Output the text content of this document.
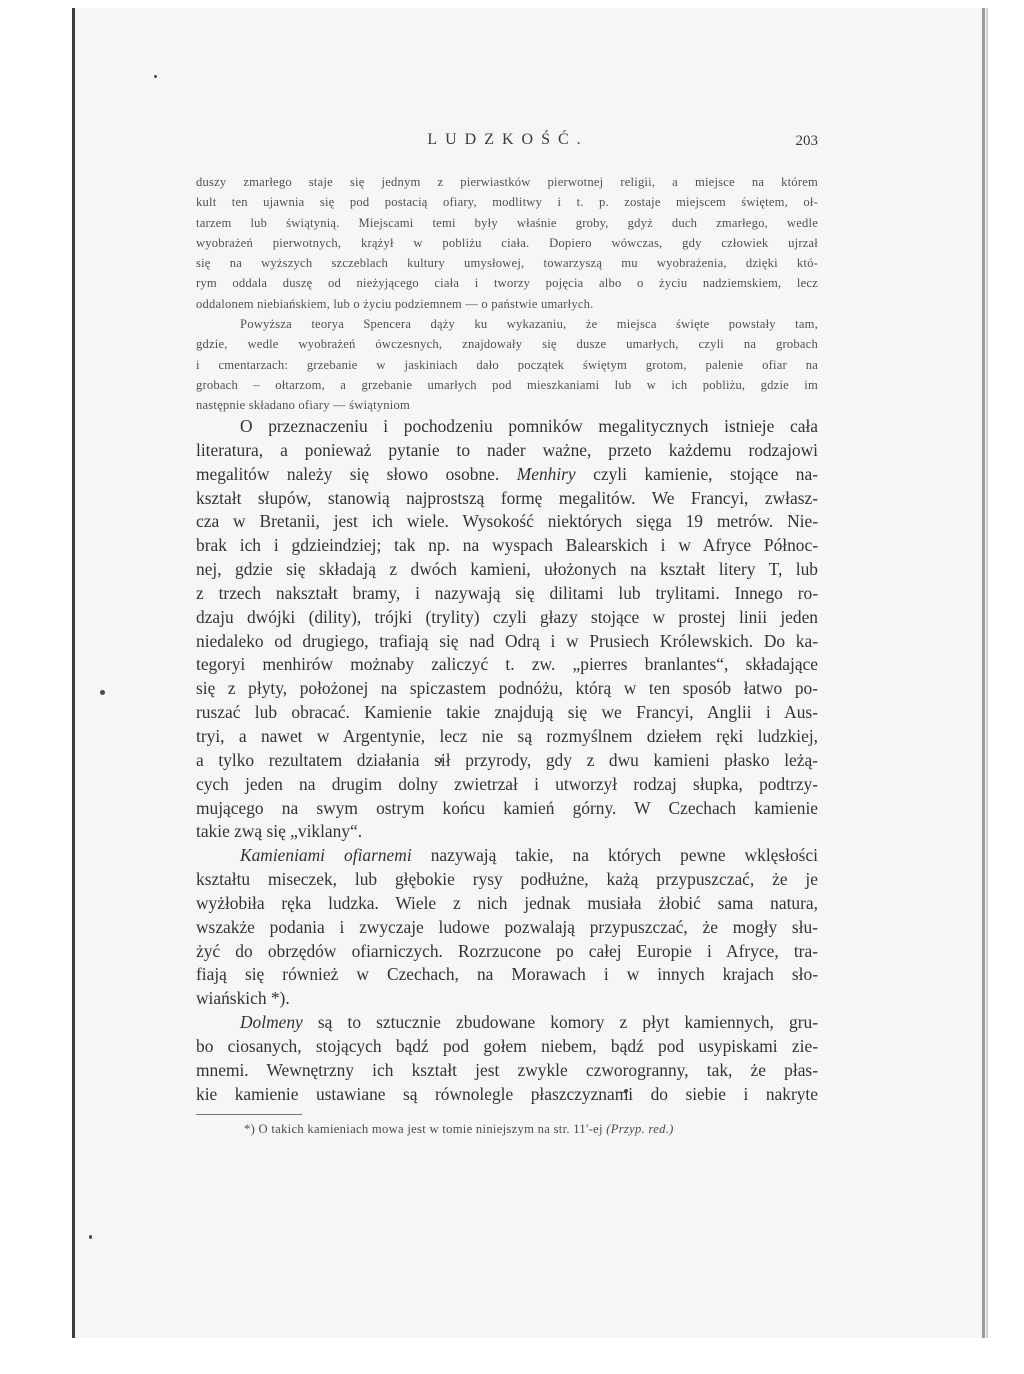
LUDZKOŚĆ.	203
duszy zmarłego staje się jednym z pierwiastków pierwotnej religii, a miejsce na którem
kult ten ujawnia się pod postacią ofiary, modlitwy i t. p. zostaje miejscem świętem, oł-
tarzem lub świątynią. Miejscami temi były właśnie groby, gdyż duch zmarłego, wedle
wyobrażeń pierwotnych, krążył w pobliżu ciała. Dopiero wówczas, gdy człowiek ujrzał
się na wyższych szczeblach kultury umysłowej, towarzyszą mu wyobrażenia, dzięki któ-
rym oddala duszę od nieżyjącego ciała i tworzy pojęcia albo o życiu nadziemskiem, lecz
oddalonem niebiańskiem, lub o życiu podziemnem — o państwie umarłych.
Powyższa teorya Spencera dąży ku wykazaniu, że miejsca święte powstały tam,
gdzie, wedle wyobrażeń ówczesnych, znajdowały się dusze umarłych, czyli na grobach
i cmentarzach: grzebanie w jaskiniach dało początek świętym grotom, palenie ofiar na
grobach – ołtarzom, a grzebanie umarłych pod mieszkaniami lub w ich pobliżu, gdzie im
następnie składano ofiary — świątyniom
O przeznaczeniu i pochodzeniu pomników megalitycznych istnieje cała
literatura, a ponieważ pytanie to nader ważne, przeto każdemu rodzajowi
megalitów należy się słowo osobne. Menhiry czyli kamienie, stojące na-
kształt słupów, stanowią najprostszą formę megalitów. We Francyi, zwłasz-
cza w Bretanii, jest ich wiele. Wysokość niektórych sięga 19 metrów. Nie-
brak ich i gdzieindziej; tak np. na wyspach Balearskich i w Afryce Północ-
nej, gdzie się składają z dwóch kamieni, ułożonych na kształt litery T, lub
z trzech nakształt bramy, i nazywają się dilitami lub trylitami. Innego ro-
dzaju dwójki (dility), trójki (trylity) czyli głazy stojące w prostej linii jeden
niedaleko od drugiego, trafiają się nad Odrą i w Prusiech Królewskich. Do ka-
tegoryi menhirów możnaby zaliczyć t. zw. „pierres branlantes“, składające
się z płyty, położonej na spiczastem podnóżu, którą w ten sposób łatwo po-
ruszać lub obracać. Kamienie takie znajdują się we Francyi, Anglii i Aus-
tryi, a nawet w Argentynie, lecz nie są rozmyślnem dziełem ręki ludzkiej,
a tylko rezultatem działania sił przyrody, gdy z dwu kamieni płasko leżą-
cych jeden na drugim dolny zwietrzał i utworzył rodzaj słupka, podtrzy-
mującego na swym ostrym końcu kamień górny. W Czechach kamienie
takie zwą się „viklany“.
Kamieniami ofiarnemi nazywają takie, na których pewne wklęsłości
kształtu miseczek, lub głębokie rysy podłużne, każą przypuszczać, że je
wyżłobiła ręka ludzka. Wiele z nich jednak musiała żłobić sama natura,
wszakże podania i zwyczaje ludowe pozwalają przypuszczać, że mogły słu-
żyć do obrzędów ofiarniczych. Rozrzucone po całej Europie i Afryce, tra-
fiają się również w Czechach, na Morawach i w innych krajach sło-
wiańskich *).
Dolmeny są to sztucznie zbudowane komory z płyt kamiennych, gru-
bo ciosanych, stojących bądź pod gołem niebem, bądź pod usypiskami zie-
mnemi. Wewnętrzny ich kształt jest zwykle czworogranny, tak, że płas-
kie kamienie ustawiane są równolegle płaszczyznami do siebie i nakryte
*) O takich kamieniach mowa jest w tomie niniejszym na str. 11'-ej (Przyp. red.)
